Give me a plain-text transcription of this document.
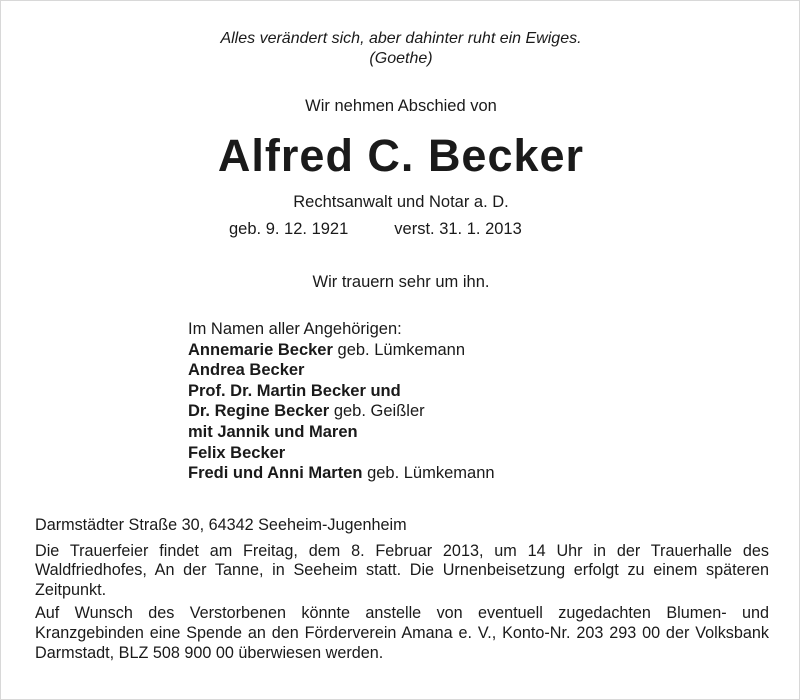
Alles verändert sich, aber dahinter ruht ein Ewiges.
(Goethe)
Wir nehmen Abschied von
Alfred C. Becker
Rechtsanwalt und Notar a. D.
geb. 9. 12. 1921	verst. 31. 1. 2013
Wir trauern sehr um ihn.
Im Namen aller Angehörigen:
Annemarie Becker geb. Lümkemann
Andrea Becker
Prof. Dr. Martin Becker und
Dr. Regine Becker geb. Geißler
mit Jannik und Maren
Felix Becker
Fredi und Anni Marten geb. Lümkemann

Darmstädter Straße 30, 64342 Seeheim-Jugenheim

Die Trauerfeier findet am Freitag, dem 8. Februar 2013, um 14 Uhr in der Trauerhalle des Waldfriedhofes, An der Tanne, in Seeheim statt. Die Urnenbeisetzung erfolgt zu einem späteren Zeitpunkt.

Auf Wunsch des Verstorbenen könnte anstelle von eventuell zugedachten Blumen- und Kranzgebinden eine Spende an den Förderverein Amana e. V., Konto-Nr. 203 293 00 der Volksbank Darmstadt, BLZ 508 900 00 überwiesen werden.
